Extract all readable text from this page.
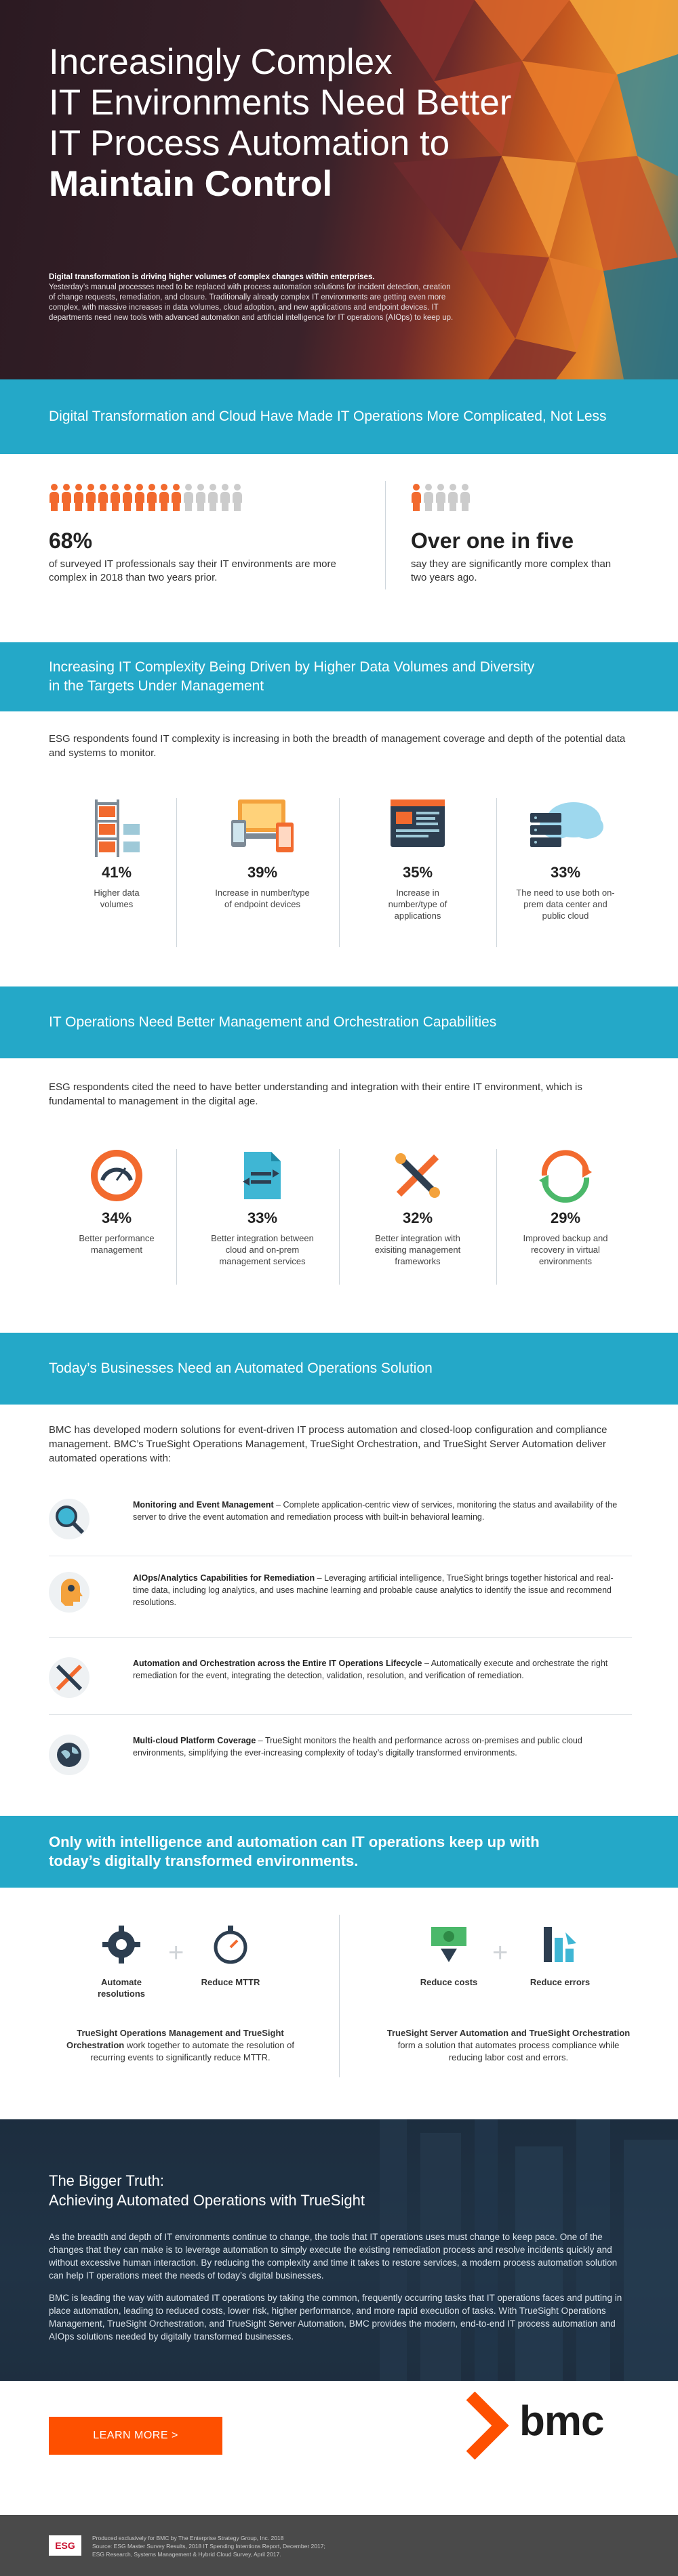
Increasingly Complex
IT Environments Need Better
IT Process Automation to
Maintain Control
Digital transformation is driving higher volumes of complex changes within enterprises.
Yesterday’s manual processes need to be replaced with process automation solutions for incident detection, creation of change requests, remediation, and closure. Traditionally already complex IT environments are getting even more complex, with massive increases in data volumes, cloud adoption, and new applications and endpoint devices. IT departments need new tools with advanced automation and artificial intelligence for IT operations (AIOps) to keep up.
Digital Transformation and Cloud Have Made IT Operations More Complicated, Not Less
68%
of surveyed IT professionals say their IT environments are more complex in 2018 than two years prior.
Over one in five
say they are significantly more complex than two years ago.
Increasing IT Complexity Being Driven by Higher Data Volumes and Diversity in the Targets Under Management
ESG respondents found IT complexity is increasing in both the breadth of management coverage and depth of the potential data and systems to monitor.
41%
Higher data volumes
39%
Increase in number/type of endpoint devices
35%
Increase in number/type of applications
33%
The need to use both on-prem data center and public cloud
IT Operations Need Better Management and Orchestration Capabilities
ESG respondents cited the need to have better understanding and integration with their entire IT environment, which is fundamental to management in the digital age.
34%
Better performance management
33%
Better integration between cloud and on-prem management services
32%
Better integration with exisiting management frameworks
29%
Improved backup and recovery in virtual environments
Today’s Businesses Need an Automated Operations Solution
BMC has developed modern solutions for event-driven IT process automation and closed-loop configuration and compliance management. BMC’s TrueSight Operations Management, TrueSight Orchestration, and TrueSight Server Automation deliver automated operations with:
Monitoring and Event Management – Complete application-centric view of services, monitoring the status and availability of the server to drive the event automation and remediation process with built-in behavioral learning.
AIOps/Analytics Capabilities for Remediation – Leveraging artificial intelligence, TrueSight brings together historical and real-time data, including log analytics, and uses machine learning and probable cause analytics to identify the issue and recommend resolutions.
Automation and Orchestration across the Entire IT Operations Lifecycle – Automatically execute and orchestrate the right remediation for the event, integrating the detection, validation, resolution, and verification of remediation.
Multi-cloud Platform Coverage – TrueSight monitors the health and performance across on-premises and public cloud environments, simplifying the ever-increasing complexity of today’s digitally transformed environments.
Only with intelligence and automation can IT operations keep up with today’s digitally transformed environments.
Automate resolutions
+
Reduce MTTR
TrueSight Operations Management and TrueSight Orchestration work together to automate the resolution of recurring events to significantly reduce MTTR.
Reduce costs
+
Reduce errors
TrueSight Server Automation and TrueSight Orchestration form a solution that automates process compliance while reducing labor cost and errors.
The Bigger Truth:
Achieving Automated Operations with TrueSight

As the breadth and depth of IT environments continue to change, the tools that IT operations uses must change to keep pace. One of the changes that they can make is to leverage automation to simply execute the existing remediation process and resolve incidents quickly and without excessive human interaction. By reducing the complexity and time it takes to restore services, a modern process automation solution can help IT operations meet the needs of today’s digital businesses.

BMC is leading the way with automated IT operations by taking the common, frequently occurring tasks that IT operations faces and putting in place automation, leading to reduced costs, lower risk, higher performance, and more rapid execution of tasks. With TrueSight Operations Management, TrueSight Orchestration, and TrueSight Server Automation, BMC provides the modern, end-to-end IT process automation and AIOps solutions needed by digitally transformed businesses.

LEARN MORE >	bmc
ESG
Produced exclusively for BMC by The Enterprise Strategy Group, Inc. 2018
Source: ESG Master Survey Results, 2018 IT Spending Intentions Report, December 2017;
ESG Research, Systems Management & Hybrid Cloud Survey, April 2017.
